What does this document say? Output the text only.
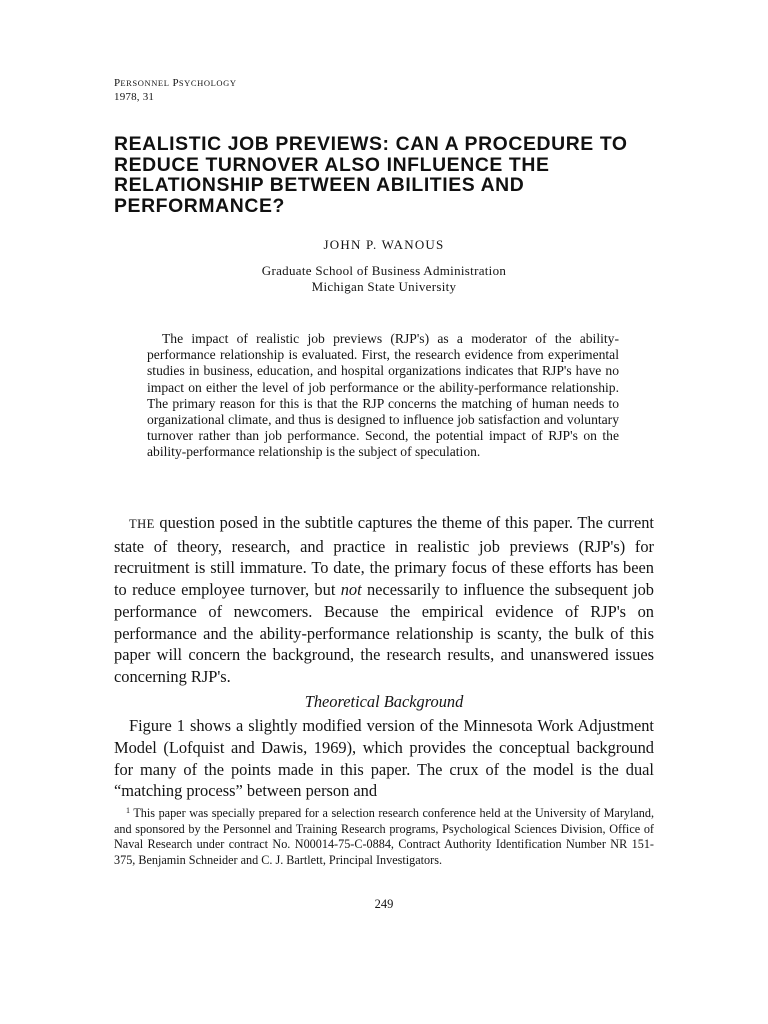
PERSONNEL PSYCHOLOGY
1978, 31
REALISTIC JOB PREVIEWS: CAN A PROCEDURE TO REDUCE TURNOVER ALSO INFLUENCE THE RELATIONSHIP BETWEEN ABILITIES AND PERFORMANCE?
JOHN P. WANOUS
Graduate School of Business Administration
Michigan State University

The impact of realistic job previews (RJP's) as a moderator of the ability-performance relationship is evaluated. First, the research evidence from experimental studies in business, education, and hospital organizations indicates that RJP's have no impact on either the level of job performance or the ability-performance relationship. The primary reason for this is that the RJP concerns the matching of human needs to organizational climate, and thus is designed to influence job satisfaction and voluntary turnover rather than job performance. Second, the potential impact of RJP's on the ability-performance relationship is the subject of speculation.

THE question posed in the subtitle captures the theme of this paper. The current state of theory, research, and practice in realistic job previews (RJP's) for recruitment is still immature. To date, the primary focus of these efforts has been to reduce employee turnover, but not necessarily to influence the subsequent job performance of newcomers. Because the empirical evidence of RJP's on performance and the ability-performance relationship is scanty, the bulk of this paper will concern the background, the research results, and unanswered issues concerning RJP's.

Theoretical Background

Figure 1 shows a slightly modified version of the Minnesota Work Adjustment Model (Lofquist and Dawis, 1969), which provides the conceptual background for many of the points made in this paper. The crux of the model is the dual “matching process” between person and

$^1$ This paper was specially prepared for a selection research conference held at the University of Maryland, and sponsored by the Personnel and Training Research programs, Psychological Sciences Division, Office of Naval Research under contract No. N00014-75-C-0884, Contract Authority Identification Number NR 151-375, Benjamin Schneider and C. J. Bartlett, Principal Investigators.

249
